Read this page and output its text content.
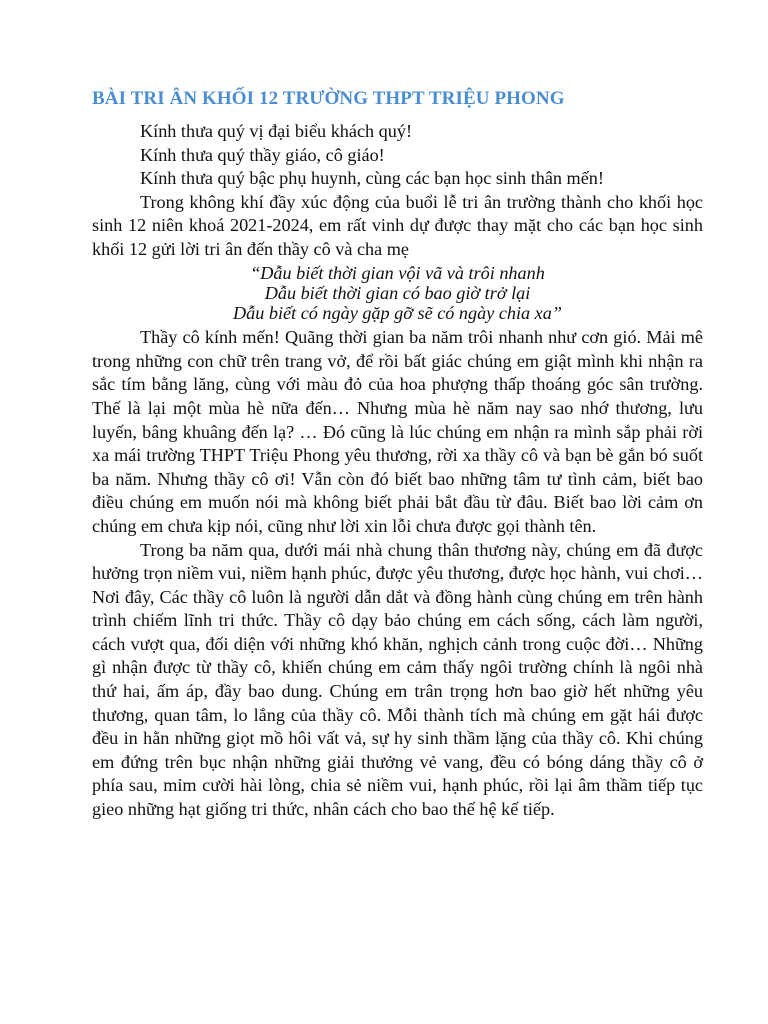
BÀI TRI ÂN KHỐI 12 TRƯỜNG THPT TRIỆU PHONG

Kính thưa quý vị đại biểu khách quý!

Kính thưa quý thầy giáo, cô giáo!

Kính thưa quý bậc phụ huynh, cùng các bạn học sinh thân mến!

Trong không khí đầy xúc động của buổi lễ tri ân trường thành cho khối học sinh 12 niên khoá 2021-2024, em rất vinh dự được thay mặt cho các bạn học sinh khối 12 gửi lời tri ân đến thầy cô và cha mẹ

“Dẫu biết thời gian vội vã và trôi nhanh

Dẫu biết thời gian có bao giờ trở lại

Dẫu biết có ngày gặp gỡ sẽ có ngày chia xa”

Thầy cô kính mến! Quãng thời gian ba năm trôi nhanh như cơn gió. Mải mê trong những con chữ trên trang vở, để rồi bất giác chúng em giật mình khi nhận ra sắc tím bằng lăng, cùng với màu đỏ của hoa phượng thấp thoáng góc sân trường. Thế là lại một mùa hè nữa đến… Nhưng mùa hè năm nay sao nhớ thương, lưu luyến, bâng khuâng đến lạ? … Đó cũng là lúc chúng em nhận ra mình sắp phải rời xa mái trường THPT Triệu Phong yêu thương, rời xa thầy cô và bạn bè gắn bó suốt ba năm. Nhưng thầy cô ơi! Vẫn còn đó biết bao những tâm tư tình cảm, biết bao điều chúng em muốn nói mà không biết phải bắt đầu từ đâu. Biết bao lời cảm ơn chúng em chưa kịp nói, cũng như lời xin lỗi chưa được gọi thành tên.

Trong ba năm qua, dưới mái nhà chung thân thương này, chúng em đã được hưởng trọn niềm vui, niềm hạnh phúc, được yêu thương, được học hành, vui chơi…Nơi đây, Các thầy cô luôn là người dẫn dắt và đồng hành cùng chúng em trên hành trình chiếm lĩnh tri thức. Thầy cô dạy bảo chúng em cách sống, cách làm người, cách vượt qua, đối diện với những khó khăn, nghịch cảnh trong cuộc đời… Những gì nhận được từ thầy cô, khiến chúng em cảm thấy ngôi trường chính là ngôi nhà thứ hai, ấm áp, đầy bao dung. Chúng em trân trọng hơn bao giờ hết những yêu thương, quan tâm, lo lắng của thầy cô. Mỗi thành tích mà chúng em gặt hái được đều in hằn những giọt mồ hôi vất vả, sự hy sinh thầm lặng của thầy cô. Khi chúng em đứng trên bục nhận những giải thưởng vẻ vang, đều có bóng dáng thầy cô ở phía sau, mỉm cười hài lòng, chia sẻ niềm vui, hạnh phúc, rồi lại âm thầm tiếp tục gieo những hạt giống tri thức, nhân cách cho bao thế hệ kế tiếp.
